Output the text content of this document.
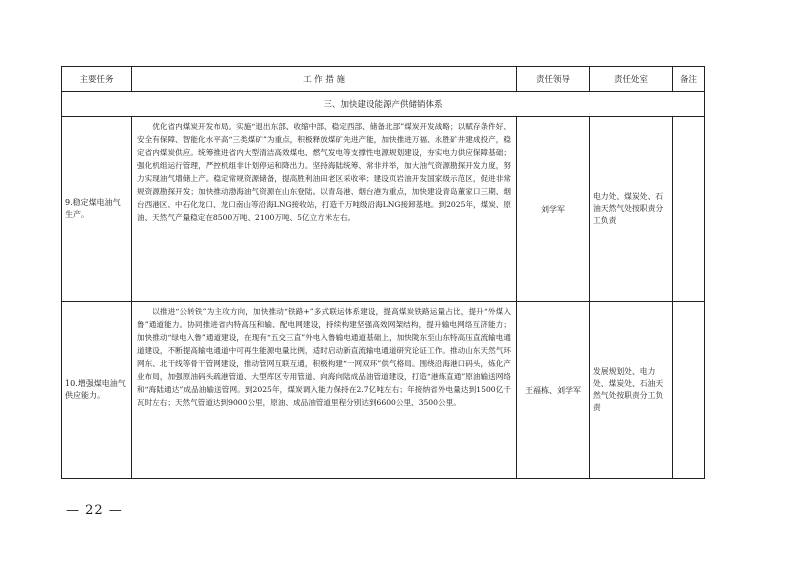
主要任务	工 作 措 施	责任领导	责任处室	备注
三、加快建设能源产供储销体系				
9.稳定煤电油气生产。	优化省内煤炭开发布局。实施“退出东部、收缩中部、稳定西部、储备北部”煤炭开发战略；以赋存条件好、安全有保障、智能化水平高“三类煤矿”为重点，积极释放煤矿先进产能，加快推进万福、永胜矿井建成投产，稳定省内煤炭供应。统筹推进省内大型清洁高效煤电、燃气发电等支撑性电源规划建设，夯实电力供应保障基础；强化机组运行管理，严控机组非计划停运和降出力。坚持海陆统筹、常非并举，加大油气资源勘探开发力度，努力实现油气增储上产。稳定常规资源储备，提高胜利油田老区采收率；建设页岩油开发国家级示范区，促进非常规资源勘探开发；加快推动渤海油气资源在山东登陆。以青岛港、烟台港为重点，加快建设青岛董家口三期、烟台西港区、中石化龙口、龙口南山等沿海LNG接收站，打造千万吨级沿海LNG接卸基地。到2025年，煤炭、原油、天然气产量稳定在8500万吨、2100万吨、5亿立方米左右。	刘学军	电力处、煤炭处、石油天然气处按职责分工负责	
10.增强煤电油气供应能力。	以推进“公转铁”为主攻方向，加快推动“铁路+”多式联运体系建设，提高煤炭铁路运量占比，提升“外煤入鲁”通道能力。协同推进省内特高压和输、配电网建设，持续构建坚强高效网架结构，提升输电网络互济能力；加快推动“绿电入鲁”通道建设，在现有“五交三直”外电入鲁输电通道基础上，加快陇东至山东特高压直流输电通道建设，不断提高输电通道中可再生能源电量比例，适时启动新直流输电通道研究论证工作。推动山东天然气环网东、北干线等骨干管网建设，推动管网互联互通，积极构建“一网双环”供气格局。围绕沿海港口码头，炼化产业布局，加强原油码头疏港管道、大型库区专用管道、向海向陆成品油管道建设，打造“港炼直通”原油输送网络和“海陆通达”成品油输送管网。到2025年，煤炭调入能力保持在2.7亿吨左右；年接纳省外电量达到1500亿千瓦时左右；天然气管道达到9000公里，原油、成品油管道里程分别达到6600公里、3500公里。	王福栋、刘学军	发展规划处、电力处、煤炭处、石油天然气处按职责分工负责	
— 22 —
